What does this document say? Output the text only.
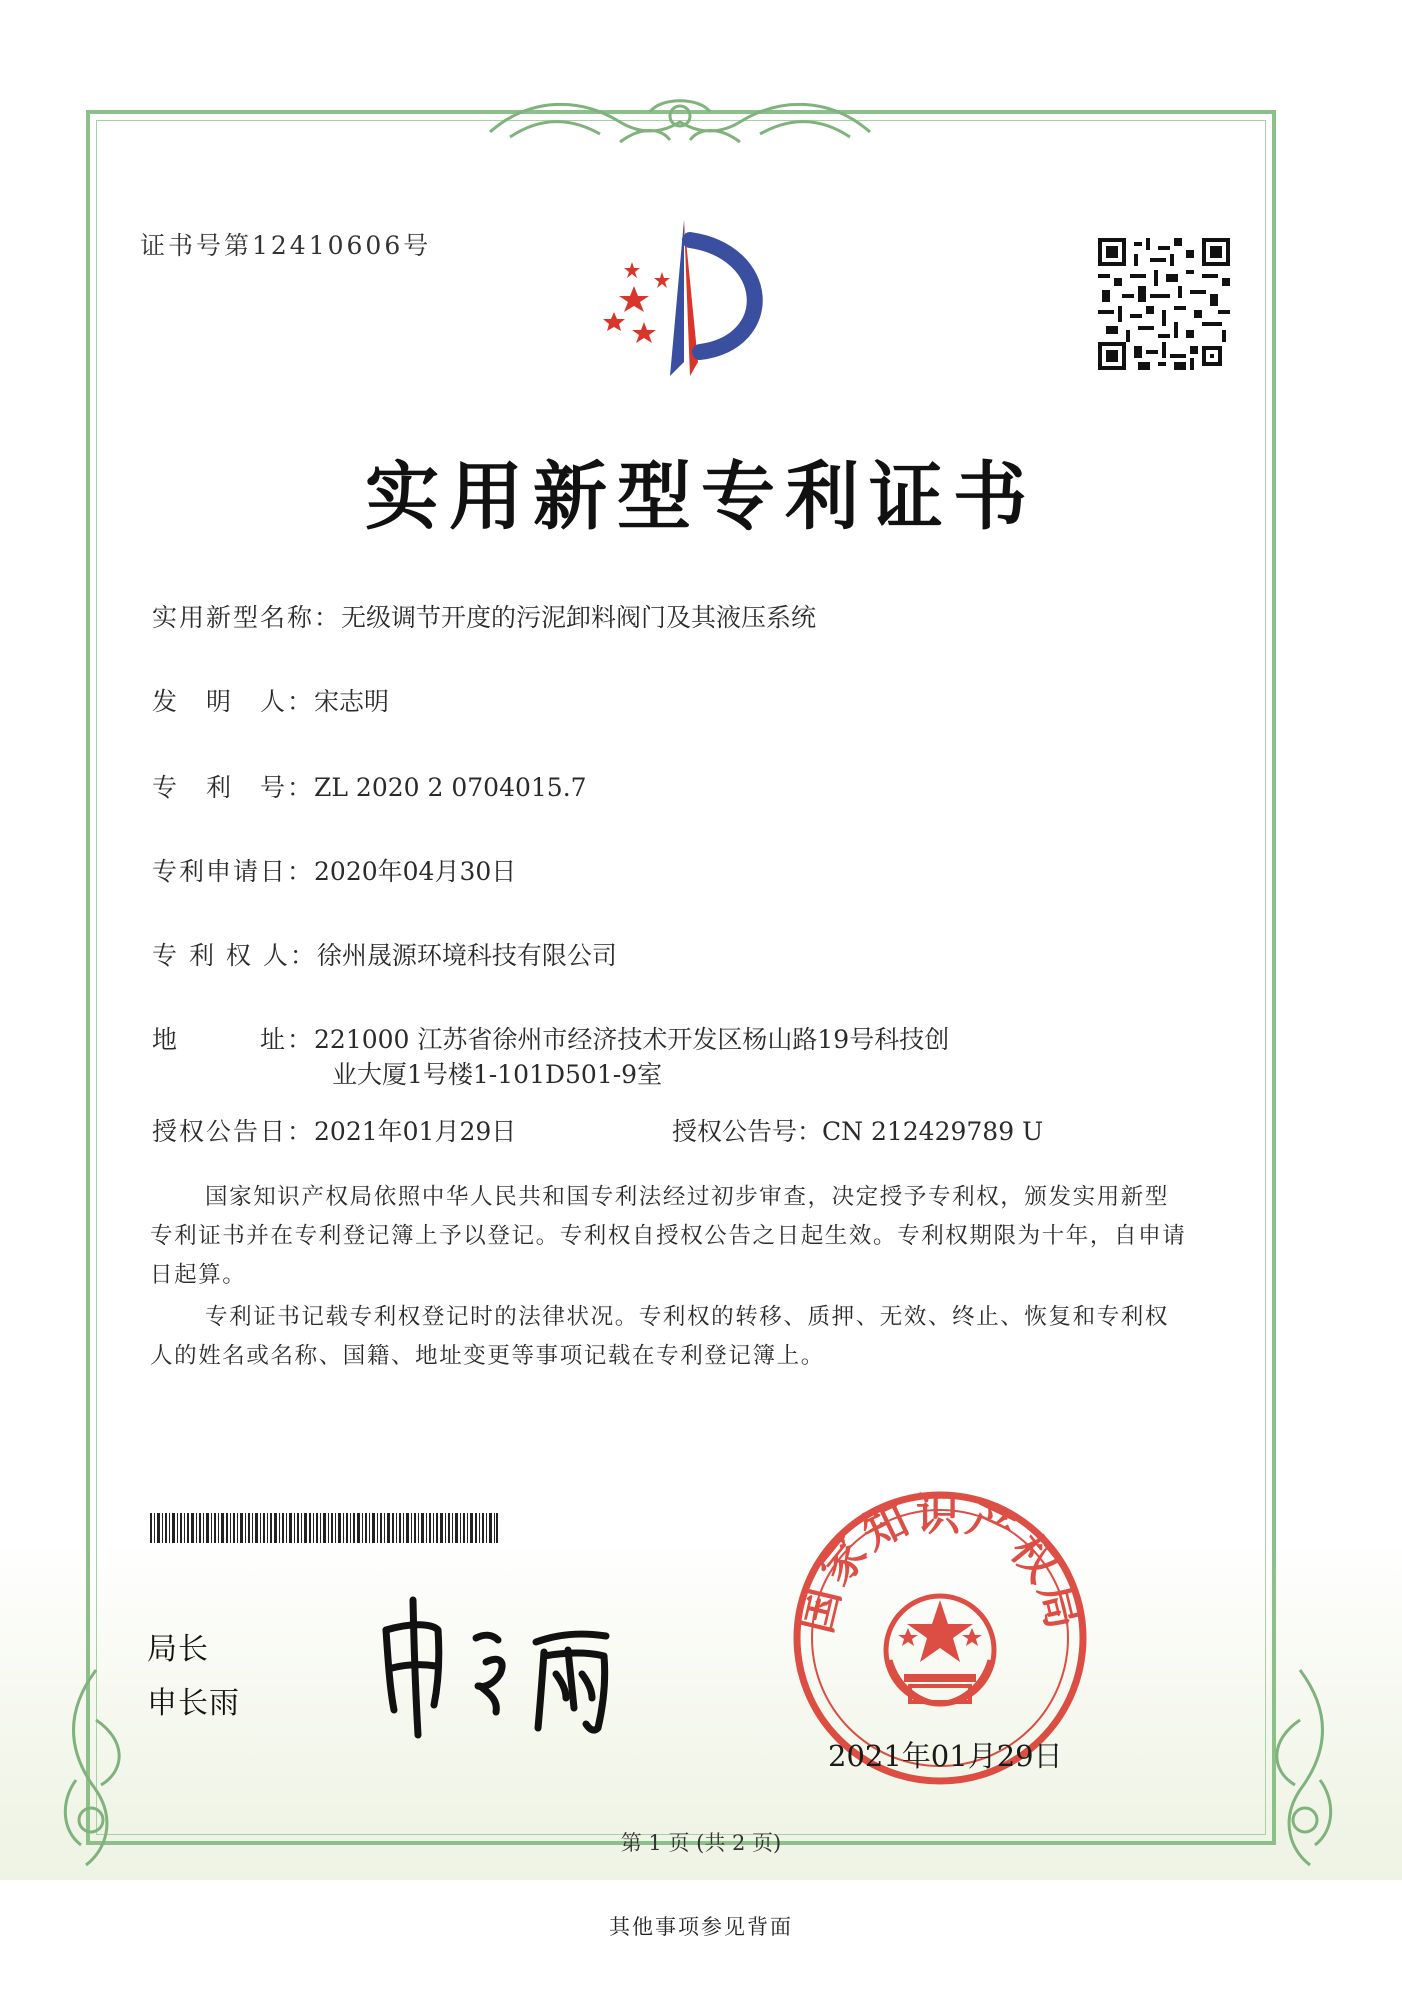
证书号第12410606号
实用新型专利证书
实用新型名称：无级调节开度的污泥卸料阀门及其液压系统
发　明　人：宋志明
专　利　号：ZL 2020 2 0704015.7
专利申请日：2020年04月30日
专 利 权 人：徐州晟源环境科技有限公司
地　　　址：221000 江苏省徐州市经济技术开发区杨山路19号科技创
业大厦1号楼1-101D501-9室
授权公告日：2021年01月29日	授权公告号：CN 212429789 U
国家知识产权局依照中华人民共和国专利法经过初步审查，决定授予专利权，颁发实用新型专利证书并在专利登记簿上予以登记。专利权自授权公告之日起生效。专利权期限为十年，自申请日起算。
专利证书记载专利权登记时的法律状况。专利权的转移、质押、无效、终止、恢复和专利权人的姓名或名称、国籍、地址变更等事项记载在专利登记簿上。
局长
申长雨
国家知识产权局
2021年01月29日
第 1 页 (共 2 页)
其他事项参见背面
